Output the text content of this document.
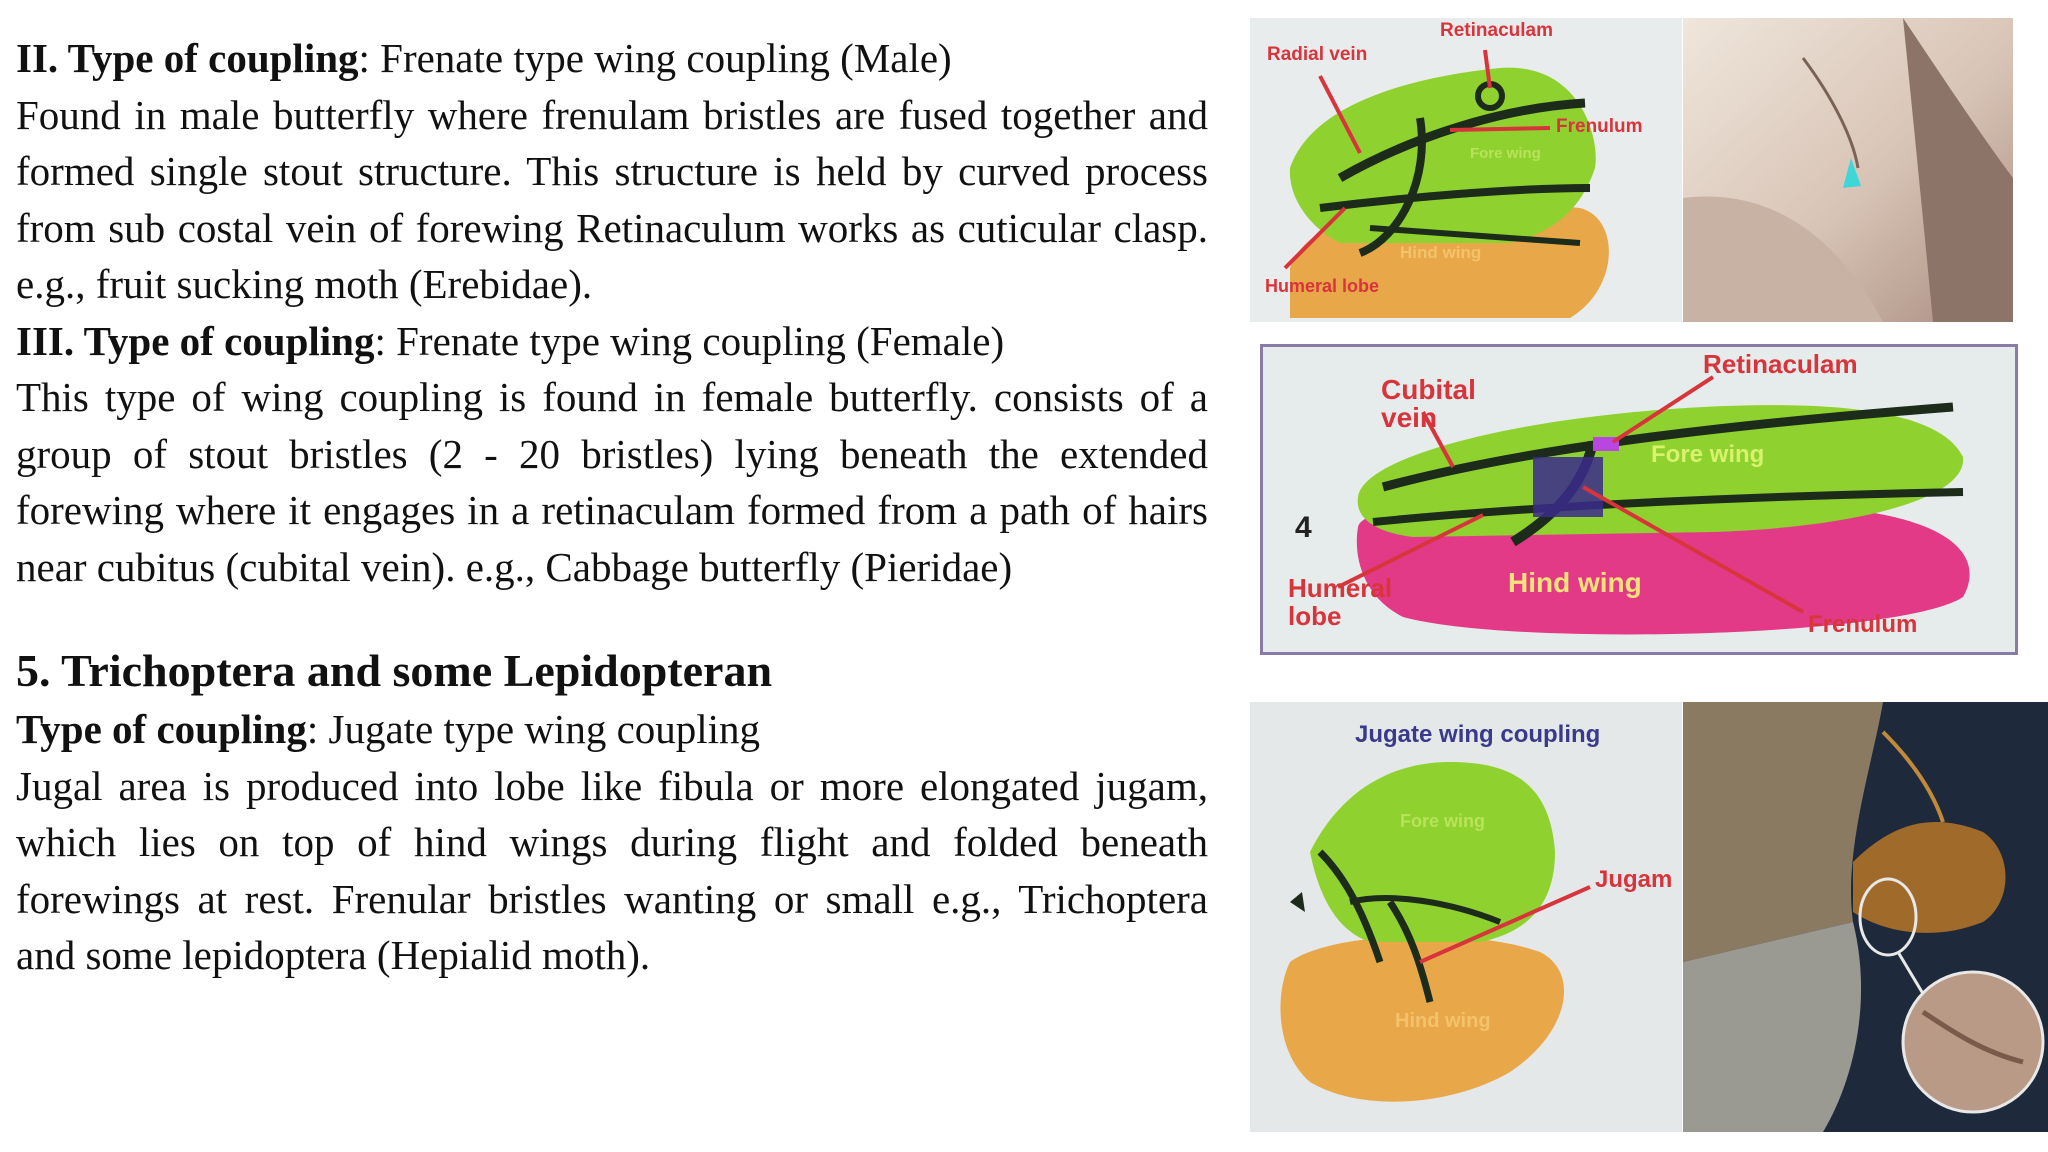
II. Type of coupling: Frenate type wing coupling (Male)

Found in male butterfly where frenulam bristles are fused together and formed single stout structure. This structure is held by curved process from sub costal vein of forewing Retinaculum works as cuticular clasp. e.g., fruit sucking moth (Erebidae).

III. Type of coupling: Frenate type wing coupling (Female)

This type of wing coupling is found in female butterfly. consists of a group of stout bristles (2 - 20 bristles) lying beneath the extended forewing where it engages in a retinaculam formed from a path of hairs near cubitus (cubital vein). e.g., Cabbage butterfly (Pieridae)

5. Trichoptera and some Lepidopteran

Type of coupling: Jugate type wing coupling

Jugal area is produced into lobe like fibula or more elongated jugam, which lies on top of hind wings during flight and folded beneath forewings at rest. Frenular bristles wanting or small e.g., Trichoptera and some lepidoptera (Hepialid moth).

Radial vein
Retinaculam
Frenulum
Fore wing
Hind wing
Humeral lobe
Cubital
vein
Retinaculam
Fore wing
4
Humeral
lobe
Hind wing
Frenulum
Jugate wing coupling
Fore wing
Jugam
Hind wing
